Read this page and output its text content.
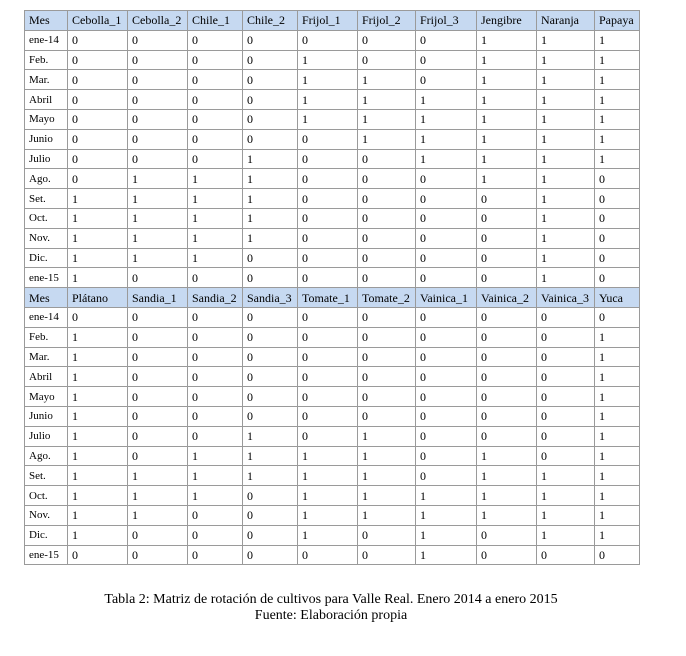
Mes	Cebolla_1	Cebolla_2	Chile_1	Chile_2	Frijol_1	Frijol_2	Frijol_3	Jengibre	Naranja	Papaya
ene-14	0	0	0	0	0	0	0	1	1	1
Feb.	0	0	0	0	1	0	0	1	1	1
Mar.	0	0	0	0	1	1	0	1	1	1
Abril	0	0	0	0	1	1	1	1	1	1
Mayo	0	0	0	0	1	1	1	1	1	1
Junio	0	0	0	0	0	1	1	1	1	1
Julio	0	0	0	1	0	0	1	1	1	1
Ago.	0	1	1	1	0	0	0	1	1	0
Set.	1	1	1	1	0	0	0	0	1	0
Oct.	1	1	1	1	0	0	0	0	1	0
Nov.	1	1	1	1	0	0	0	0	1	0
Dic.	1	1	1	0	0	0	0	0	1	0
ene-15	1	0	0	0	0	0	0	0	1	0
Mes	Plátano	Sandia_1	Sandia_2	Sandia_3	Tomate_1	Tomate_2	Vainica_1	Vainica_2	Vainica_3	Yuca
ene-14	0	0	0	0	0	0	0	0	0	0
Feb.	1	0	0	0	0	0	0	0	0	1
Mar.	1	0	0	0	0	0	0	0	0	1
Abril	1	0	0	0	0	0	0	0	0	1
Mayo	1	0	0	0	0	0	0	0	0	1
Junio	1	0	0	0	0	0	0	0	0	1
Julio	1	0	0	1	0	1	0	0	0	1
Ago.	1	0	1	1	1	1	0	1	0	1
Set.	1	1	1	1	1	1	0	1	1	1
Oct.	1	1	1	0	1	1	1	1	1	1
Nov.	1	1	0	0	1	1	1	1	1	1
Dic.	1	0	0	0	1	0	1	0	1	1
ene-15	0	0	0	0	0	0	1	0	0	0
Tabla 2: Matriz de rotación de cultivos para Valle Real. Enero 2014 a enero 2015
Fuente: Elaboración propia
